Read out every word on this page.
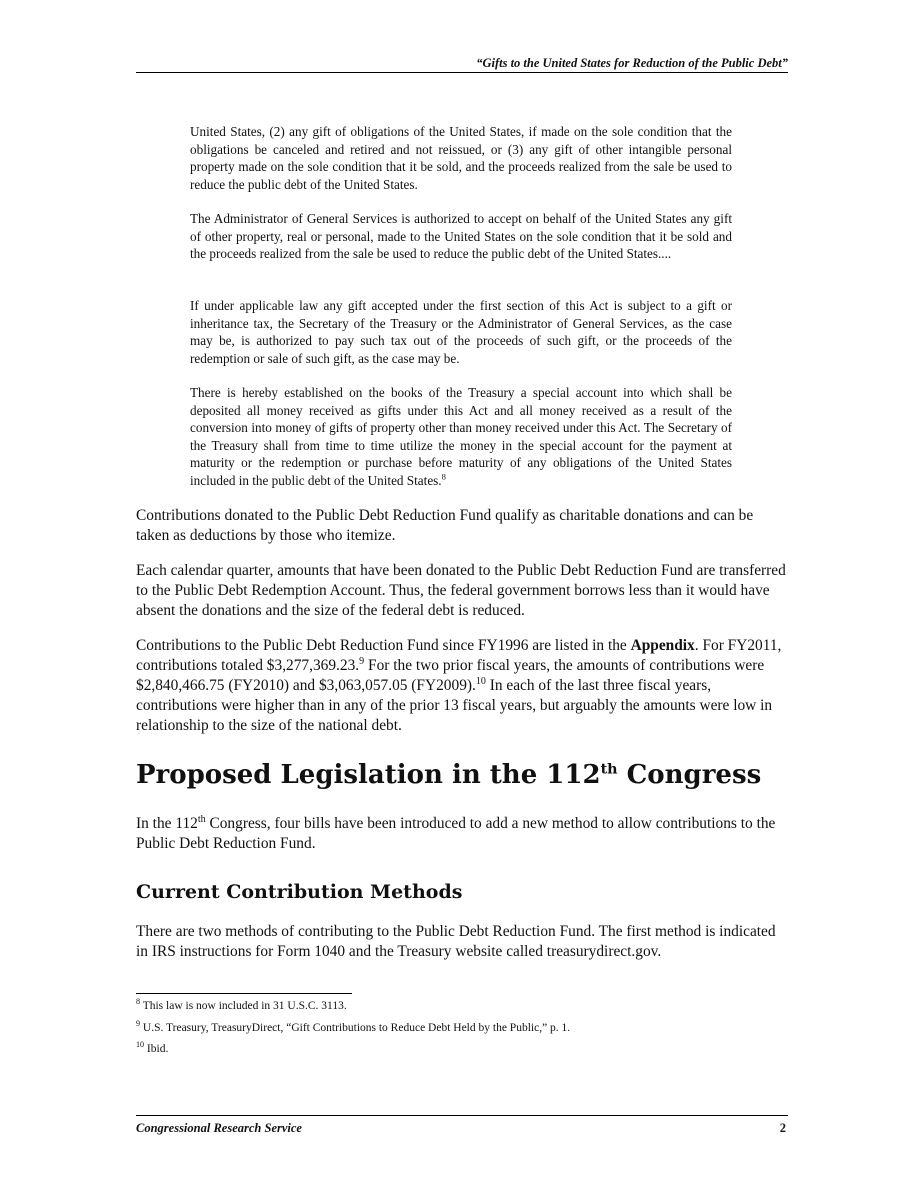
“Gifts to the United States for Reduction of the Public Debt”

United States, (2) any gift of obligations of the United States, if made on the sole condition that the obligations be canceled and retired and not reissued, or (3) any gift of other intangible personal property made on the sole condition that it be sold, and the proceeds realized from the sale be used to reduce the public debt of the United States.

The Administrator of General Services is authorized to accept on behalf of the United States any gift of other property, real or personal, made to the United States on the sole condition that it be sold and the proceeds realized from the sale be used to reduce the public debt of the United States....

If under applicable law any gift accepted under the first section of this Act is subject to a gift or inheritance tax, the Secretary of the Treasury or the Administrator of General Services, as the case may be, is authorized to pay such tax out of the proceeds of such gift, or the proceeds of the redemption or sale of such gift, as the case may be.

There is hereby established on the books of the Treasury a special account into which shall be deposited all money received as gifts under this Act and all money received as a result of the conversion into money of gifts of property other than money received under this Act. The Secretary of the Treasury shall from time to time utilize the money in the special account for the payment at maturity or the redemption or purchase before maturity of any obligations of the United States included in the public debt of the United States.$^8$

Contributions donated to the Public Debt Reduction Fund qualify as charitable donations and can be taken as deductions by those who itemize.

Each calendar quarter, amounts that have been donated to the Public Debt Reduction Fund are transferred to the Public Debt Redemption Account. Thus, the federal government borrows less than it would have absent the donations and the size of the federal debt is reduced.

Contributions to the Public Debt Reduction Fund since FY1996 are listed in the Appendix. For FY2011, contributions totaled $3,277,369.23.$^9$ For the two prior fiscal years, the amounts of contributions were $2,840,466.75 (FY2010) and $3,063,057.05 (FY2009).$^{10}$ In each of the last three fiscal years, contributions were higher than in any of the prior 13 fiscal years, but arguably the amounts were low in relationship to the size of the national debt.

Proposed Legislation in the 112th Congress

In the 112th Congress, four bills have been introduced to add a new method to allow contributions to the Public Debt Reduction Fund.

Current Contribution Methods

There are two methods of contributing to the Public Debt Reduction Fund. The first method is indicated in IRS instructions for Form 1040 and the Treasury website called treasurydirect.gov.

$^8$ This law is now included in 31 U.S.C. 3113.

$^9$ U.S. Treasury, TreasuryDirect, “Gift Contributions to Reduce Debt Held by the Public,” p. 1.

$^{10}$ Ibid.

Congressional Research Service	2
